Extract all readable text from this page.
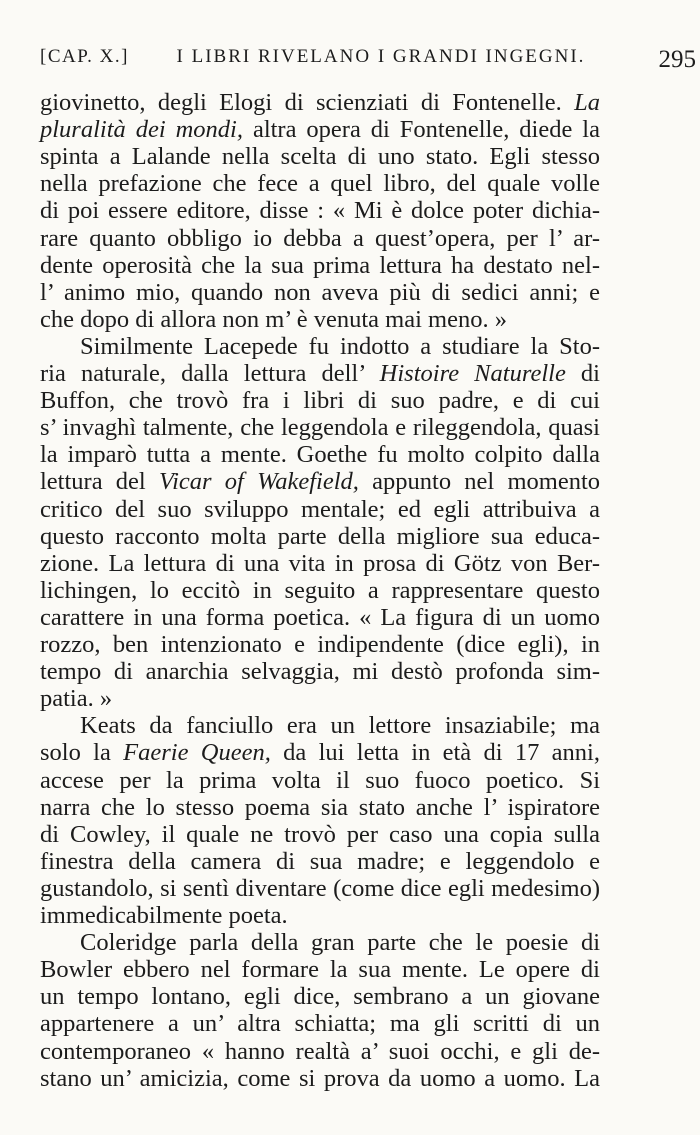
[CAP. X.]	I LIBRI RIVELANO I GRANDI INGEGNI.	295
giovinetto, degli Elogi di scienziati di Fontenelle. La
pluralità dei mondi, altra opera di Fontenelle, diede la
spinta a Lalande nella scelta di uno stato. Egli stesso
nella prefazione che fece a quel libro, del quale volle
di poi essere editore, disse : « Mi è dolce poter dichia-
rare quanto obbligo io debba a quest’opera, per l’ ar-
dente operosità che la sua prima lettura ha destato nel-
l’ animo mio, quando non aveva più di sedici anni; e
che dopo di allora non m’ è venuta mai meno. »
Similmente Lacepede fu indotto a studiare la Sto-
ria naturale, dalla lettura dell’ Histoire Naturelle di
Buffon, che trovò fra i libri di suo padre, e di cui
s’ invaghì talmente, che leggendola e rileggendola, quasi
la imparò tutta a mente. Goethe fu molto colpito dalla
lettura del Vicar of Wakefield, appunto nel momento
critico del suo sviluppo mentale; ed egli attribuiva a
questo racconto molta parte della migliore sua educa-
zione. La lettura di una vita in prosa di Götz von Ber-
lichingen, lo eccitò in seguito a rappresentare questo
carattere in una forma poetica. « La figura di un uomo
rozzo, ben intenzionato e indipendente (dice egli), in
tempo di anarchia selvaggia, mi destò profonda sim-
patia. »
Keats da fanciullo era un lettore insaziabile; ma
solo la Faerie Queen, da lui letta in età di 17 anni,
accese per la prima volta il suo fuoco poetico. Si
narra che lo stesso poema sia stato anche l’ ispiratore
di Cowley, il quale ne trovò per caso una copia sulla
finestra della camera di sua madre; e leggendolo e
gustandolo, si sentì diventare (come dice egli medesimo)
immedicabilmente poeta.
Coleridge parla della gran parte che le poesie di
Bowler ebbero nel formare la sua mente. Le opere di
un tempo lontano, egli dice, sembrano a un giovane
appartenere a un’ altra schiatta; ma gli scritti di un
contemporaneo « hanno realtà a’ suoi occhi, e gli de-
stano un’ amicizia, come si prova da uomo a uomo. La
